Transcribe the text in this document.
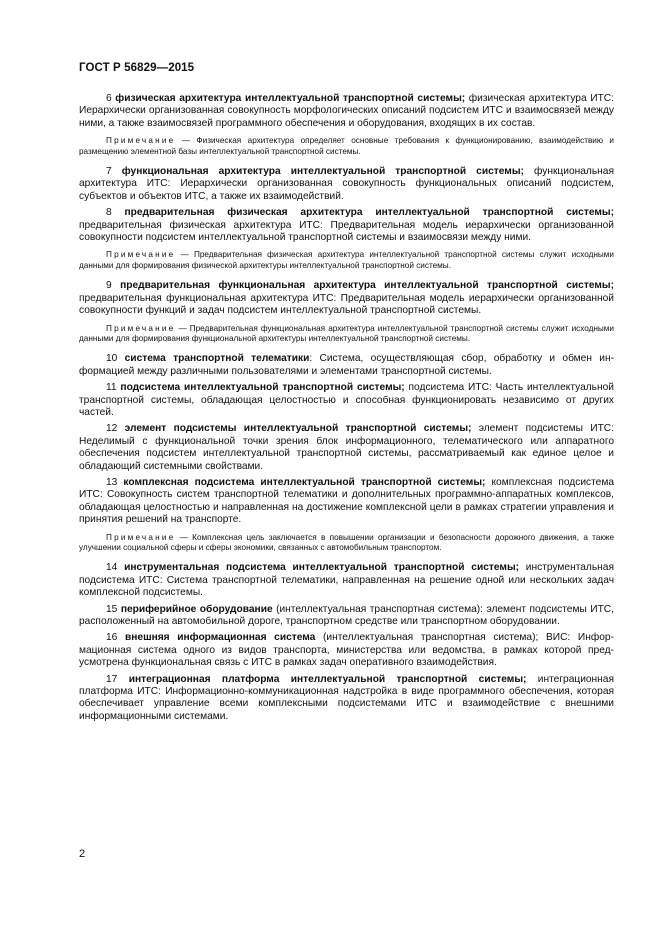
ГОСТ Р 56829—2015

6 физическая архитектура интеллектуальной транспортной системы; физическая архитектура ИТС: Иерархически организованная совокупность морфологических описаний подсистем ИТС и взаимосвязей между ними, а также взаимосвязей программного обеспечения и оборудования, входящих в их состав.

Примечание — Физическая архитектура определяет основные требования к функционированию, взаимодействию и размещению элементной базы интеллектуальной транспортной системы.

7 функциональная архитектура интеллектуальной транспортной системы; функциональная архитектура ИТС: Иерархически организованная совокупность функциональных описаний подсистем, субъектов и объектов ИТС, а также их взаимодействий.

8 предварительная физическая архитектура интеллектуальной транспортной системы; предварительная физическая архитектура ИТС: Предварительная модель иерархически организованной совокупности подсистем интеллектуальной транспортной системы и взаимосвязи между ними.

Примечание — Предварительная физическая архитектура интеллектуальной транспортной системы служит исходными данными для формирования физической архитектуры интеллектуальной транспортной системы.

9 предварительная функциональная архитектура интеллектуальной транспортной системы; предварительная функциональная архитектура ИТС: Предварительная модель иерархически организованной совокупности функций и задач подсистем интеллектуальной транспортной системы.

Примечание — Предварительная функциональная архитектура интеллектуальной транспортной системы служит исходными данными для формирования функциональной архитектуры интеллектуальной транспортной системы.

10 система транспортной телематики: Система, осуществляющая сбор, обработку и обмен информацией между различными пользователями и элементами транспортной системы.

11 подсистема интеллектуальной транспортной системы; подсистема ИТС: Часть интеллектуальной транспортной системы, обладающая целостностью и способная функционировать независимо от других частей.

12 элемент подсистемы интеллектуальной транспортной системы; элемент подсистемы ИТС: Неделимый с функциональной точки зрения блок информационного, телематического или аппаратного обеспечения подсистем интеллектуальной транспортной системы, рассматриваемый как единое целое и обладающий системными свойствами.

13 комплексная подсистема интеллектуальной транспортной системы; комплексная подсистема ИТС: Совокупность систем транспортной телематики и дополнительных программно-аппаратных комплексов, обладающая целостностью и направленная на достижение комплексной цели в рамках стратегии управления и принятия решений на транспорте.

Примечание — Комплексная цель заключается в повышении организации и безопасности дорожного движения, а также улучшении социальной сферы и сферы экономики, связанных с автомобильным транспортом.

14 инструментальная подсистема интеллектуальной транспортной системы; инструментальная подсистема ИТС: Система транспортной телематики, направленная на решение одной или нескольких задач комплексной подсистемы.

15 периферийное оборудование (интеллектуальная транспортная система): элемент подсистемы ИТС, расположенный на автомобильной дороге, транспортном средстве или транспортном оборудовании.

16 внешняя информационная система (интеллектуальная транспортная система); ВИС: Информационная система одного из видов транспорта, министерства или ведомства, в рамках которой предусмотрена функциональная связь с ИТС в рамках задач оперативного взаимодействия.

17 интеграционная платформа интеллектуальной транспортной системы; интеграционная платформа ИТС: Информационно-коммуникационная надстройка в виде программного обеспечения, которая обеспечивает управление всеми комплексными подсистемами ИТС и взаимодействие с внешними информационными системами.

2
